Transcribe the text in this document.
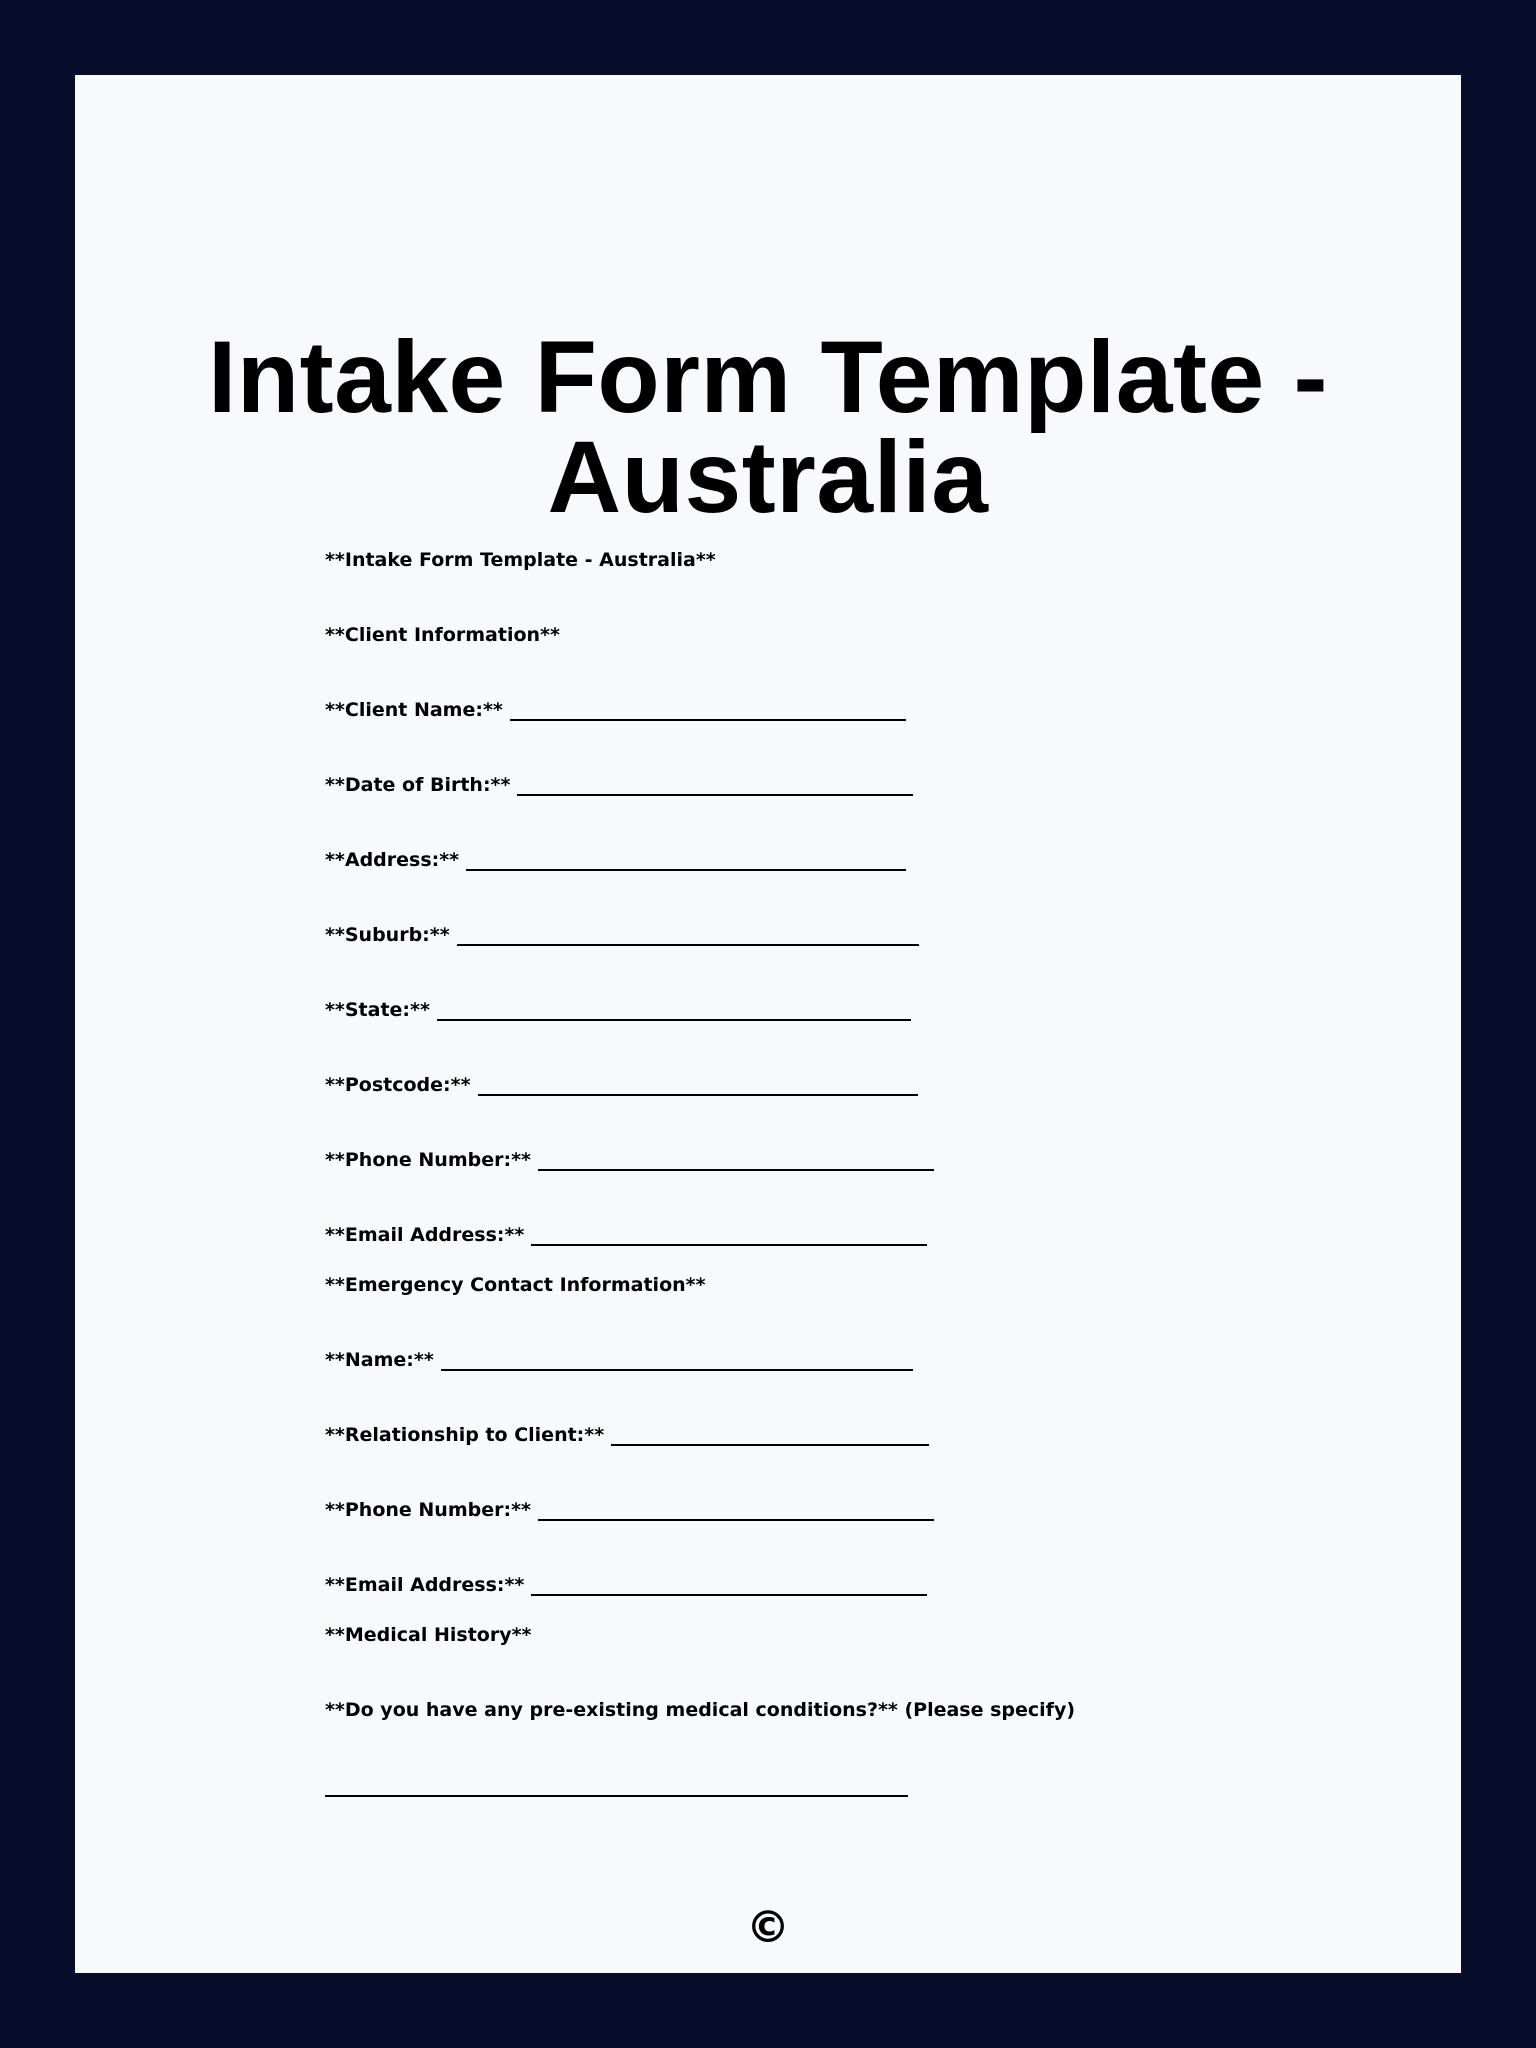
Intake Form Template -
Australia
**Intake Form Template - Australia**
**Client Information**
**Client Name:**
**Date of Birth:**
**Address:**
**Suburb:**
**State:**
**Postcode:**
**Phone Number:**
**Email Address:**
**Emergency Contact Information**
**Name:**
**Relationship to Client:**
**Phone Number:**
**Email Address:**
**Medical History**
**Do you have any pre-existing medical conditions?** (Please specify)
©
